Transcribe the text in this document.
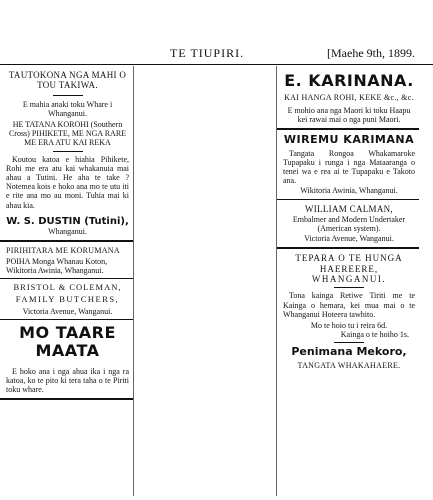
TE TIUPIRI.	[Maehe 9th, 1899.

TAUTOKONA NGA MAHI O TOU TAKIWA.

E mahia anaki toku Whare i Whanganui.

HE TATANA KOROHI (Southern Cross) PIHIKETE, ME NGA RARE ME ERA ATU KAI REKA

Koutou katoa e hiahia Pihikete, Rohi me era atu kai whakanuia mai ahau a Tutini. He aha te take ? Notemea kois e hoko ana mo te utu iti e rite ana mo au moni. Tuhia mai ki ahau kia.

W. S. DUSTIN (Tutini),

Whanganui.

PIRIHITARA ME KORUMANA

POIHA Monga Whanau Koton, Wikitoria Awinia, Whanganui.

BRISTOL & COLEMAN,

FAMILY BUTCHERS,

Victoria Avenue, Wanganui.

MO TAARE MAATA

E hoko ana i nga ahua ika i nga ra katoa, ko te pito ki tera taha o te Piriti toku whare.

E. KARINANA.

KAI HANGA ROHI, KEKE &c., &c.

E mohio ana nga Maori ki toku Haapu kei rawai mai o nga puni Maori.

WIREMU KARIMANA

Tangata Rongoa Whakamaroke Tupapaku i runga i nga Mataaranga o tenei wa e rea ai te Tupapaku e Takoto ana.

Wikitoria Awinia, Whanganui.

WILLIAM CALMAN,

Embalmer and Modern Undertaker (American system).

Victoria Avenue, Wanganui.

TEPARA O TE HUNGA

HAEREERE,

WHANGANUI.

Tona kainga Retiwe Tiriti me te Kainga o hemara, kei mua mai o te Whanganui Hoteera tawhito.

Mo te hoio tu i reira 6d.

Kainga o te hoiho 1s.

Penimana Mekoro,

TANGATA WHAKAHAERE.
